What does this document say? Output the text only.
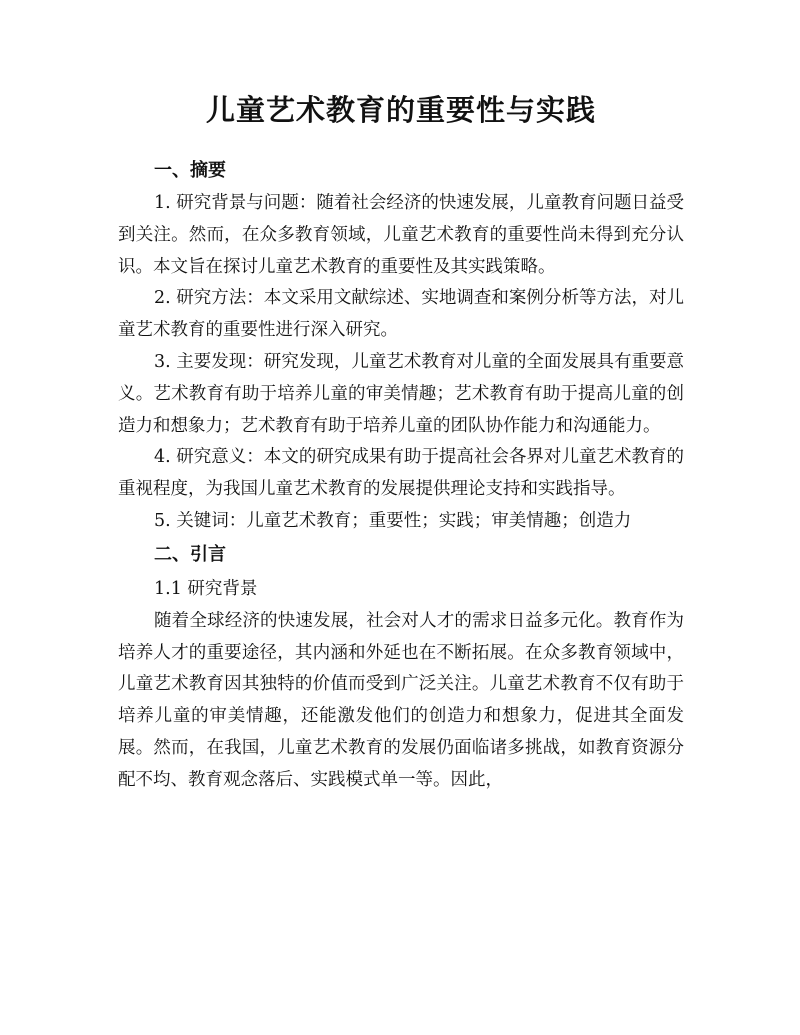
儿童艺术教育的重要性与实践

一、摘要

1. 研究背景与问题：随着社会经济的快速发展，儿童教育问题日益受到关注。然而，在众多教育领域，儿童艺术教育的重要性尚未得到充分认识。本文旨在探讨儿童艺术教育的重要性及其实践策略。

2. 研究方法：本文采用文献综述、实地调查和案例分析等方法，对儿童艺术教育的重要性进行深入研究。

3. 主要发现：研究发现，儿童艺术教育对儿童的全面发展具有重要意义。艺术教育有助于培养儿童的审美情趣；艺术教育有助于提高儿童的创造力和想象力；艺术教育有助于培养儿童的团队协作能力和沟通能力。

4. 研究意义：本文的研究成果有助于提高社会各界对儿童艺术教育的重视程度，为我国儿童艺术教育的发展提供理论支持和实践指导。

5. 关键词：儿童艺术教育；重要性；实践；审美情趣；创造力

二、引言

1.1 研究背景

随着全球经济的快速发展，社会对人才的需求日益多元化。教育作为培养人才的重要途径，其内涵和外延也在不断拓展。在众多教育领域中，儿童艺术教育因其独特的价值而受到广泛关注。儿童艺术教育不仅有助于培养儿童的审美情趣，还能激发他们的创造力和想象力，促进其全面发展。然而，在我国，儿童艺术教育的发展仍面临诸多挑战，如教育资源分配不均、教育观念落后、实践模式单一等。因此，
